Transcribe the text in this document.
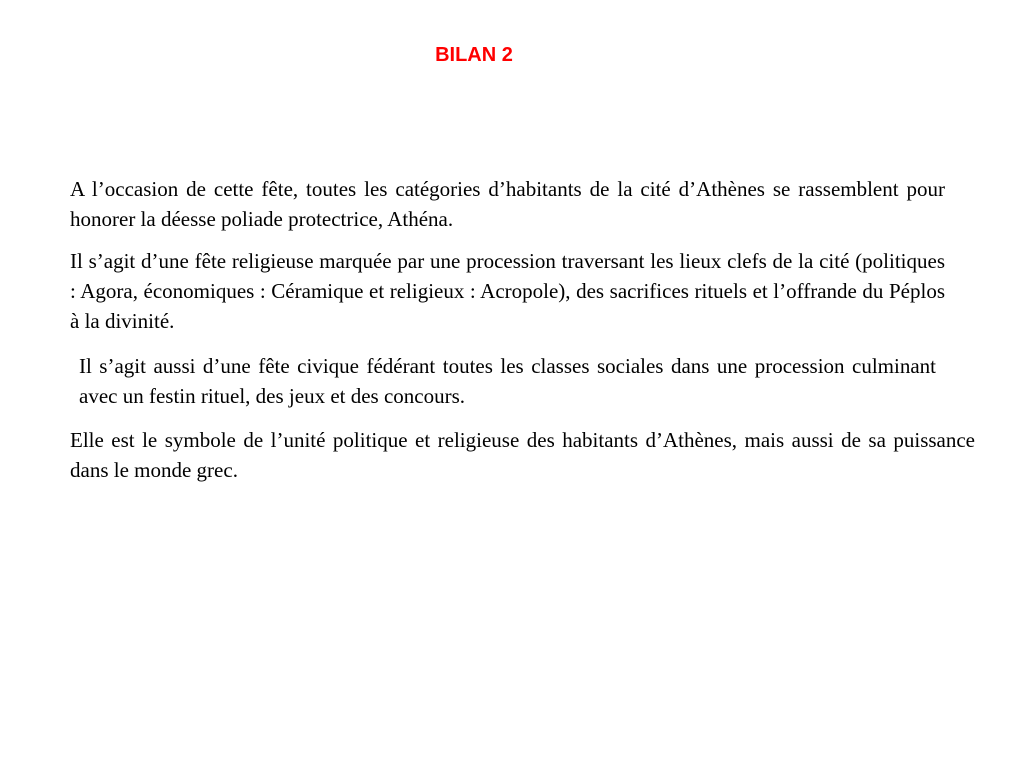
BILAN 2

A l’occasion de cette fête, toutes les catégories d’habitants de la cité d’Athènes se rassemblent pour honorer la déesse poliade protectrice, Athéna.

Il s’agit d’une fête religieuse marquée par une procession traversant les lieux clefs de la cité (politiques : Agora, économiques : Céramique et religieux : Acropole), des sacrifices rituels et l’offrande du Péplos à la divinité.

Il s’agit aussi d’une fête civique fédérant toutes les classes sociales dans une procession culminant avec un festin rituel, des jeux et des concours.

Elle est le symbole de l’unité politique et religieuse des habitants d’Athènes, mais aussi de sa puissance dans le monde grec.
